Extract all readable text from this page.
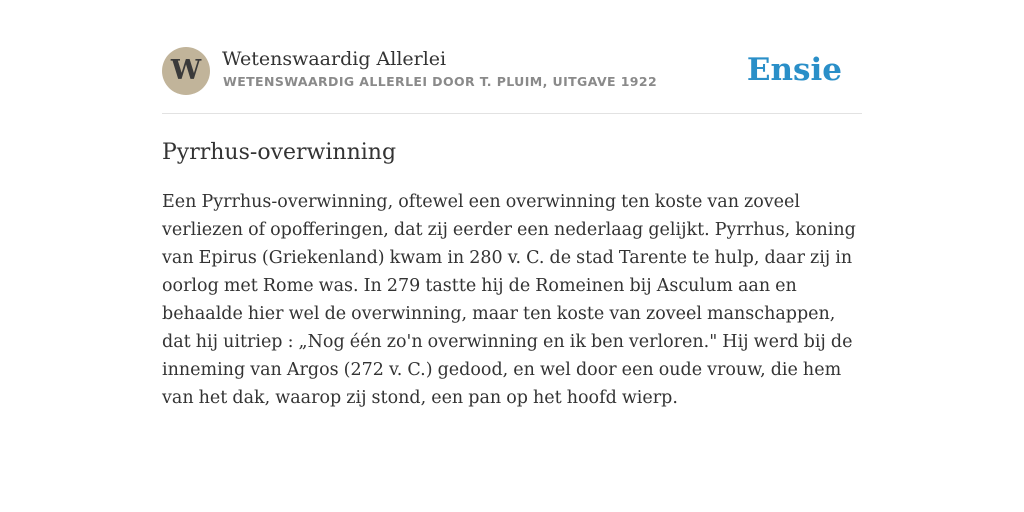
W	Wetenswaardig Allerlei
WETENSWAARDIG ALLERLEI DOOR T. PLUIM, UITGAVE 1922	Ensie
Pyrrhus-overwinning

Een Pyrrhus-overwinning, oftewel een overwinning ten koste van zoveel verliezen of opofferingen, dat zij eerder een nederlaag gelijkt. Pyrrhus, koning van Epirus (Griekenland) kwam in 280 v. C. de stad Tarente te hulp, daar zij in oorlog met Rome was. In 279 tastte hij de Romeinen bij Asculum aan en behaalde hier wel de overwinning, maar ten koste van zoveel manschappen, dat hij uitriep : „Nog één zo'n overwinning en ik ben verloren." Hij werd bij de inneming van Argos (272 v. C.) gedood, en wel door een oude vrouw, die hem van het dak, waarop zij stond, een pan op het hoofd wierp.
